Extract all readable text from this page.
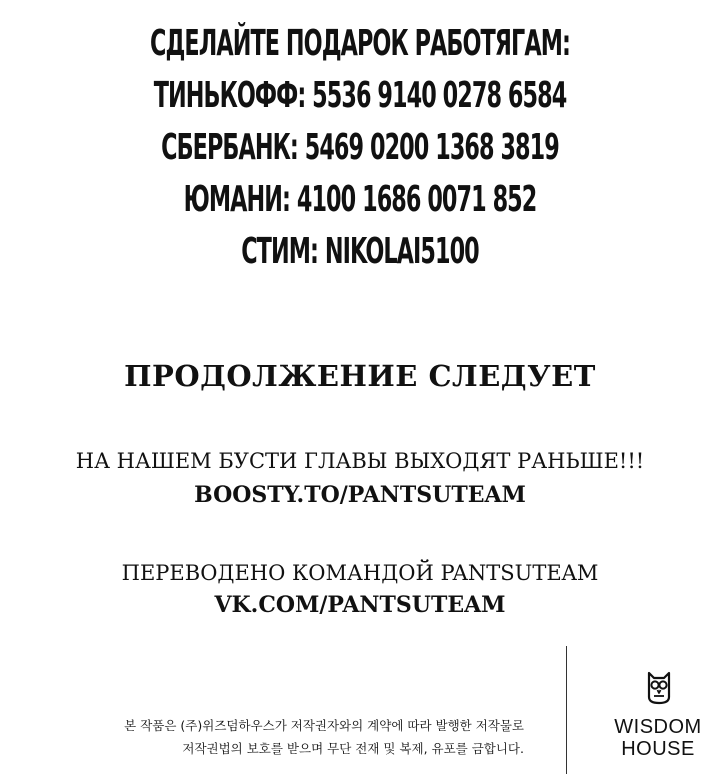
СДЕЛАЙТЕ ПОДАРОК РАБОТЯГАМ:
ТИНЬКОФФ: 5536 9140 0278 6584
СБЕРБАНК: 5469 0200 1368 3819
ЮМАНИ: 4100 1686 0071 852
СТИМ: NIKOLAI5100
ПРОДОЛЖЕНИЕ СЛЕДУЕТ
НА НАШЕМ БУСТИ ГЛАВЫ ВЫХОДЯТ РАНЬШЕ!!!
BOOSTY.TO/PANTSUTEAM
ПЕРЕВОДЕНО КОМАНДОЙ PANTSUTEAM
VK.COM/PANTSUTEAM
본 작품은 (주)위즈덤하우스가 저작권자와의 계약에 따라 발행한 저작물로
저작권법의 보호를 받으며 무단 전재 및 복제, 유포를 금합니다.
WISDOM
HOUSE
